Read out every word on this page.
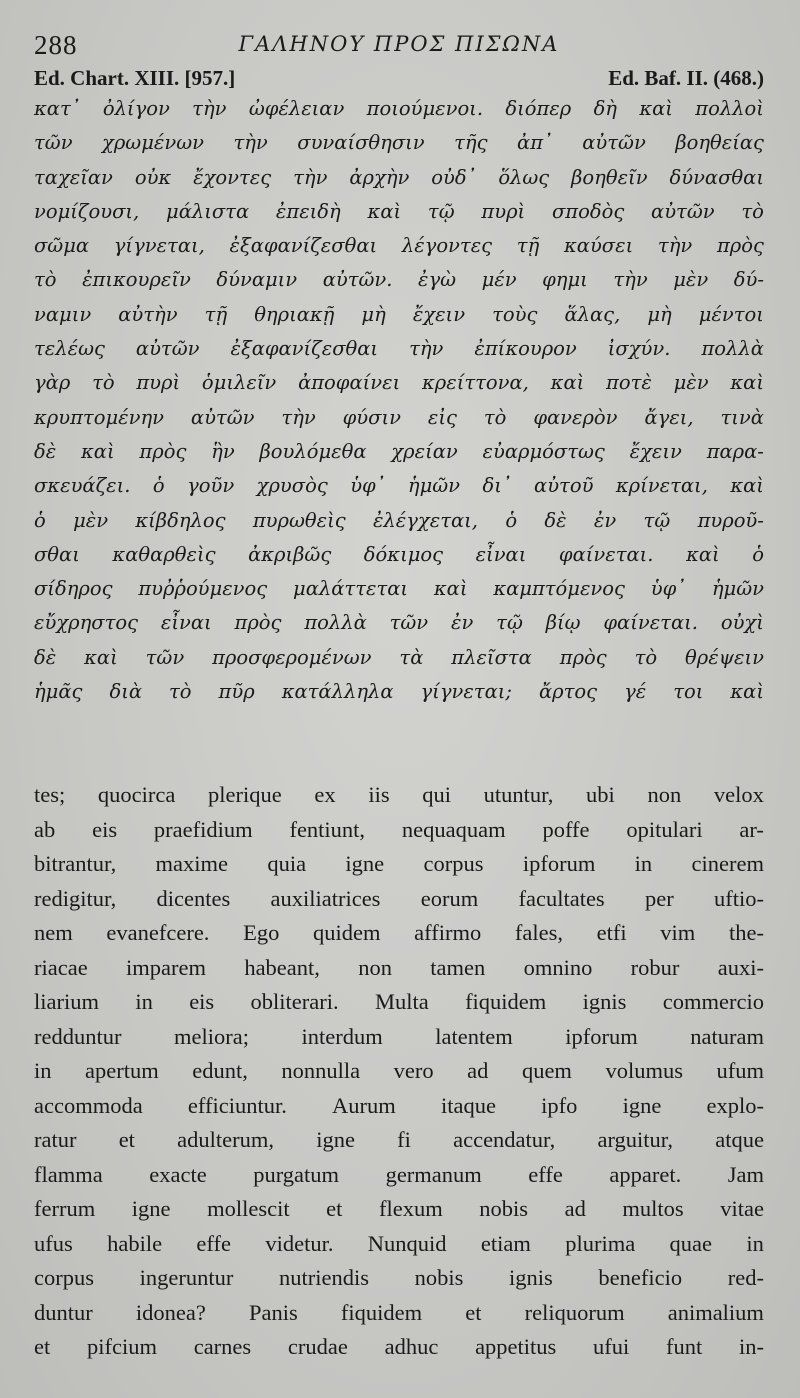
288	ΓΑΛΗΝΟΥ ΠΡΟΣ ΠΙΣΩΝΑ
Ed. Chart. XIII. [957.]	Ed. Baf. II. (468.)
κατ᾽ ὀλίγον τὴν ὠφέλειαν ποιούμενοι. διόπερ δὴ καὶ πολλοὶ
τῶν χρωμένων τὴν συναίσθησιν τῆς ἀπ᾽ αὐτῶν βοηθείας
ταχεῖαν οὐκ ἔχοντες τὴν ἀρχὴν οὐδ᾽ ὅλως βοηθεῖν δύνασθαι
νομίζουσι, μάλιστα ἐπειδὴ καὶ τῷ πυρὶ σποδὸς αὐτῶν τὸ
σῶμα γίγνεται, ἐξαφανίζεσθαι λέγοντες τῇ καύσει τὴν πρὸς
τὸ ἐπικουρεῖν δύναμιν αὐτῶν. ἐγὼ μέν φημι τὴν μὲν δύ-
ναμιν αὐτὴν τῇ θηριακῇ μὴ ἔχειν τοὺς ἅλας, μὴ μέντοι
τελέως αὐτῶν ἐξαφανίζεσθαι τὴν ἐπίκουρον ἰσχύν. πολλὰ
γὰρ τὸ πυρὶ ὁμιλεῖν ἀποφαίνει κρείττονα, καὶ ποτὲ μὲν καὶ
κρυπτομένην αὐτῶν τὴν φύσιν εἰς τὸ φανερὸν ἄγει, τινὰ
δὲ καὶ πρὸς ἣν βουλόμεθα χρείαν εὐαρμόστως ἔχειν παρα-
σκευάζει. ὁ γοῦν χρυσὸς ὑφ᾽ ἡμῶν δι᾽ αὐτοῦ κρίνεται, καὶ
ὁ μὲν κίβδηλος πυρωθεὶς ἐλέγχεται, ὁ δὲ ἐν τῷ πυροῦ-
σθαι καθαρθεὶς ἀκριβῶς δόκιμος εἶναι φαίνεται. καὶ ὁ
σίδηρος πυῤῥούμενος μαλάττεται καὶ καμπτόμενος ὑφ᾽ ἡμῶν
εὔχρηστος εἶναι πρὸς πολλὰ τῶν ἐν τῷ βίῳ φαίνεται. οὐχὶ
δὲ καὶ τῶν προσφερομένων τὰ πλεῖστα πρὸς τὸ θρέψειν
ἡμᾶς διὰ τὸ πῦρ κατάλληλα γίγνεται; ἄρτος γέ τοι καὶ
tes; quocirca plerique ex iis qui utuntur, ubi non velox
ab eis praefidium fentiunt, nequaquam poffe opitulari ar-
bitrantur, maxime quia igne corpus ipforum in cinerem
redigitur, dicentes auxiliatrices eorum facultates per uftio-
nem evanefcere. Ego quidem affirmo fales, etfi vim the-
riacae imparem habeant, non tamen omnino robur auxi-
liarium in eis obliterari. Multa fiquidem ignis commercio
redduntur meliora; interdum latentem ipforum naturam
in apertum edunt, nonnulla vero ad quem volumus ufum
accommoda efficiuntur. Aurum itaque ipfo igne explo-
ratur et adulterum, igne fi accendatur, arguitur, atque
flamma exacte purgatum germanum effe apparet. Jam
ferrum igne mollescit et flexum nobis ad multos vitae
ufus habile effe videtur. Nunquid etiam plurima quae in
corpus ingeruntur nutriendis nobis ignis beneficio red-
duntur idonea? Panis fiquidem et reliquorum animalium
et pifcium carnes crudae adhuc appetitus ufui funt in-
